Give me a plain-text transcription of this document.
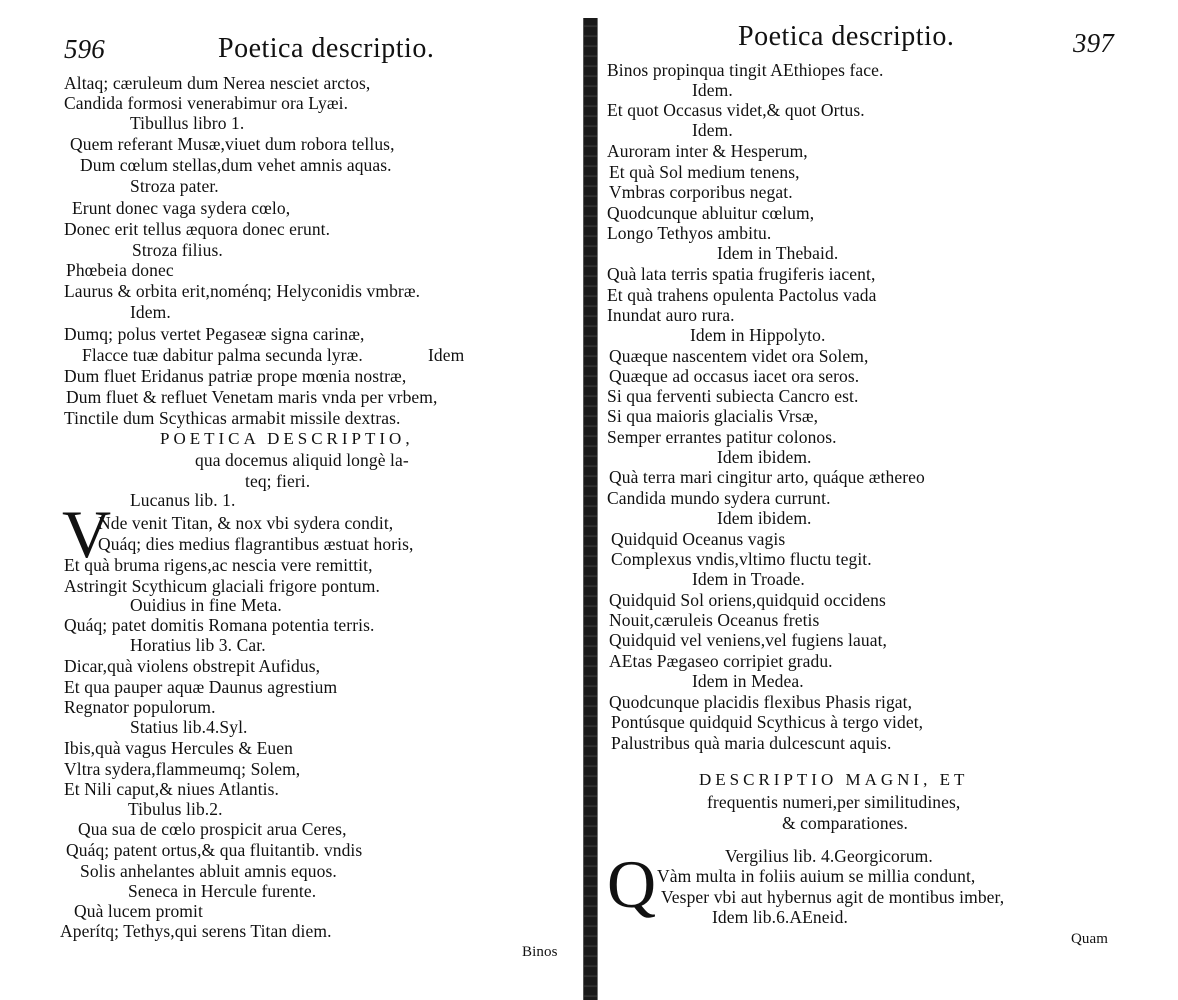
596	Poetica descriptio.
Altaq; cæruleum dum Nerea nesciet arctos,
Candida formosi venerabimur ora Lyæi.
Tibullus libro 1.
Quem referant Musæ,viuet dum robora tellus,
Dum cœlum stellas,dum vehet amnis aquas.
Stroza pater.
Erunt donec vaga sydera cœlo,
Donec erit tellus æquora donec erunt.
Stroza filius.
Phœbeia donec
Laurus & orbita erit,noménq; Helyconidis vmbræ.
Idem.
Dumq; polus vertet Pegaseæ signa carinæ,
Flacce tuæ dabitur palma secunda lyræ.	Idem
Dum fluet Eridanus patriæ prope mœnia nostræ,
Dum fluet & refluet Venetam maris vnda per vrbem,
Tinctile dum Scythicas armabit missile dextras.
POETICA DESCRIPTIO,
qua docemus aliquid longè la-
teq; fieri.
Lucanus lib. 1.
V
Nde venit Titan, & nox vbi sydera condit,
Quáq; dies medius flagrantibus æstuat horis,
Et quà bruma rigens,ac nescia vere remittit,
Astringit Scythicum glaciali frigore pontum.
Ouidius in fine Meta.
Quáq; patet domitis Romana potentia terris.
Horatius lib 3. Car.
Dicar,quà violens obstrepit Aufidus,
Et qua pauper aquæ Daunus agrestium
Regnator populorum.
Statius lib.4.Syl.
Ibis,quà vagus Hercules & Euen
Vltra sydera,flammeumq; Solem,
Et Nili caput,& niues Atlantis.
Tibulus lib.2.
Qua sua de cœlo prospicit arua Ceres,
Quáq; patent ortus,& qua fluitantib. vndis
Solis anhelantes abluit amnis equos.
Seneca in Hercule furente.
Quà lucem promit
Aperítq; Tethys,qui serens Titan diem.
Binos
Poetica descriptio.	397
Binos propinqua tingit AEthiopes face.
Idem.
Et quot Occasus videt,& quot Ortus.
Idem.
Auroram inter & Hesperum,
Et quà Sol medium tenens,
Vmbras corporibus negat.
Quodcunque abluitur cœlum,
Longo Tethyos ambitu.
Idem in Thebaid.
Quà lata terris spatia frugiferis iacent,
Et quà trahens opulenta Pactolus vada
Inundat auro rura.
Idem in Hippolyto.
Quæque nascentem videt ora Solem,
Quæque ad occasus iacet ora seros.
Si qua ferventi subiecta Cancro est.
Si qua maioris glacialis Vrsæ,
Semper errantes patitur colonos.
Idem ibidem.
Quà terra mari cingitur arto, quáque æthereo
Candida mundo sydera currunt.
Idem ibidem.
Quidquid Oceanus vagis
Complexus vndis,vltimo fluctu tegit.
Idem in Troade.
Quidquid Sol oriens,quidquid occidens
Nouit,cæruleis Oceanus fretis
Quidquid vel veniens,vel fugiens lauat,
AEtas Pægaseo corripiet gradu.
Idem in Medea.
Quodcunque placidis flexibus Phasis rigat,
Pontúsque quidquid Scythicus à tergo videt,
Palustribus quà maria dulcescunt aquis.
DESCRIPTIO MAGNI, ET
frequentis numeri,per similitudines,
& comparationes.
Vergilius lib. 4.Georgicorum.
Q Vàm multa in foliis auium se millia condunt,
Vesper vbi aut hybernus agit de montibus imber,
Idem lib.6.AEneid.
Quam
